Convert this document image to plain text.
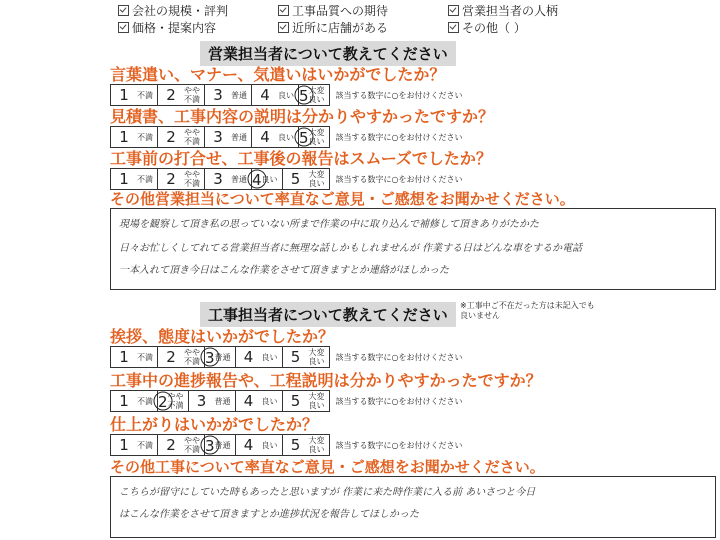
会社の規模・評判	工事品質への期待	営業担当者の人柄
価格・提案内容	近所に店舗がある	その他（ ）
営業担当者について教えてください
言葉遣い、マナー、気遣いはいかがでしたか？
1	不満 2	やや
不満 3	普通 4	良い 5 大変
良い 該当する数字に○をお付けください
見積書、工事内容の説明は分かりやすかったですか？
1	不満 2	やや
不満 3	普通 4	良い 5 大変
良い 該当する数字に○をお付けください
工事前の打合せ、工事後の報告はスムーズでしたか？
1	不満 2	やや
不満 3	普通 4 良い 5	大変
良い 該当する数字に○をお付けください
その他営業担当について率直なご意見・ご感想をお聞かせください。
現場を観察して頂き私の思っていない所まで作業の中に取り込んで補修して頂きありがたかた
日々お忙しくしてれてる営業担当者に無理な話しかもしれませんが 作業する日はどんな車をするか電話
一本入れて頂き今日はこんな作業をさせて頂きますとか連絡がほしかった
工事担当者について教えてください
※工事中ご不在だった方は未記入でも
良いません
挨拶、態度はいかがでしたか？
1	不満 2	やや
不満 3 普通 4	良い 5	大変
良い 該当する数字に○をお付けください
工事中の進捗報告や、工程説明は分かりやすかったですか？
1	不満 2 やや
不満 3	普通 4	良い 5	大変
良い 該当する数字に○をお付けください
仕上がりはいかがでしたか？
1	不満 2	やや
不満 3 普通 4	良い 5	大変
良い 該当する数字に○をお付けください
その他工事について率直なご意見・ご感想をお聞かせください。
こちらが留守にしていた時もあったと思いますが 作業に来た時作業に入る前 あいさつと今日
はこんな作業をさせて頂きますとか進捗状況を報告してほしかった
